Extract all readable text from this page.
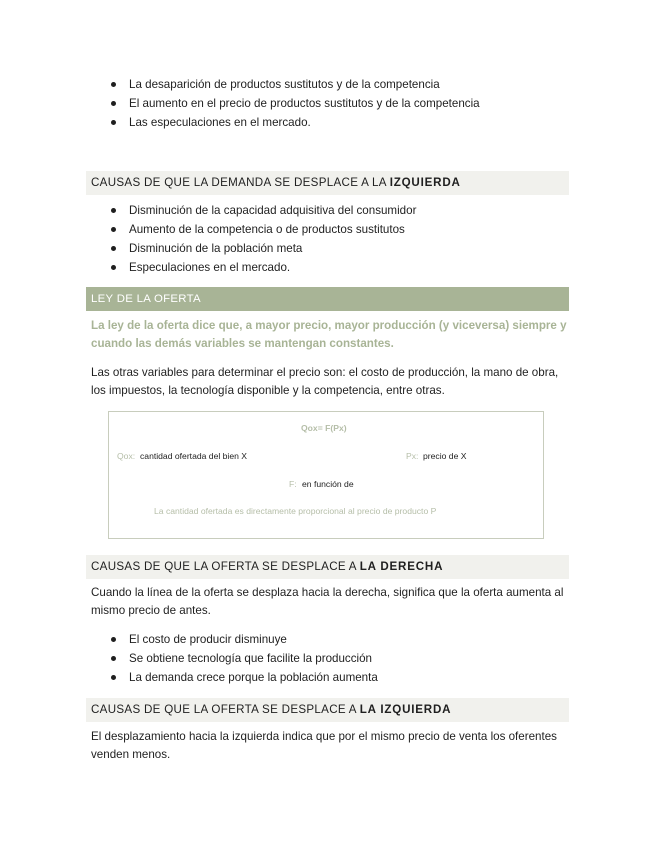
La desaparición de productos sustitutos y de la competencia
El aumento en el precio de productos sustitutos y de la competencia
Las especulaciones en el mercado.
CAUSAS DE QUE LA DEMANDA SE DESPLACE A LA IZQUIERDA
Disminución de la capacidad adquisitiva del consumidor
Aumento de la competencia o de productos sustitutos
Disminución de la población meta
Especulaciones en el mercado.
LEY DE LA OFERTA

La ley de la oferta dice que, a mayor precio, mayor producción (y viceversa) siempre y cuando las demás variables se mantengan constantes.

Las otras variables para determinar el precio son: el costo de producción, la mano de obra, los impuestos, la tecnología disponible y la competencia, entre otras.

Qox= F(Px)
Qox: cantidad ofertada del bien X	Px: precio de X
F: en función de
La cantidad ofertada es directamente proporcional al precio de producto P
CAUSAS DE QUE LA OFERTA SE DESPLACE A LA DERECHA

Cuando la línea de la oferta se desplaza hacia la derecha, significa que la oferta aumenta al mismo precio de antes.

El costo de producir disminuye
Se obtiene tecnología que facilite la producción
La demanda crece porque la población aumenta
CAUSAS DE QUE LA OFERTA SE DESPLACE A LA IZQUIERDA

El desplazamiento hacia la izquierda indica que por el mismo precio de venta los oferentes venden menos.
